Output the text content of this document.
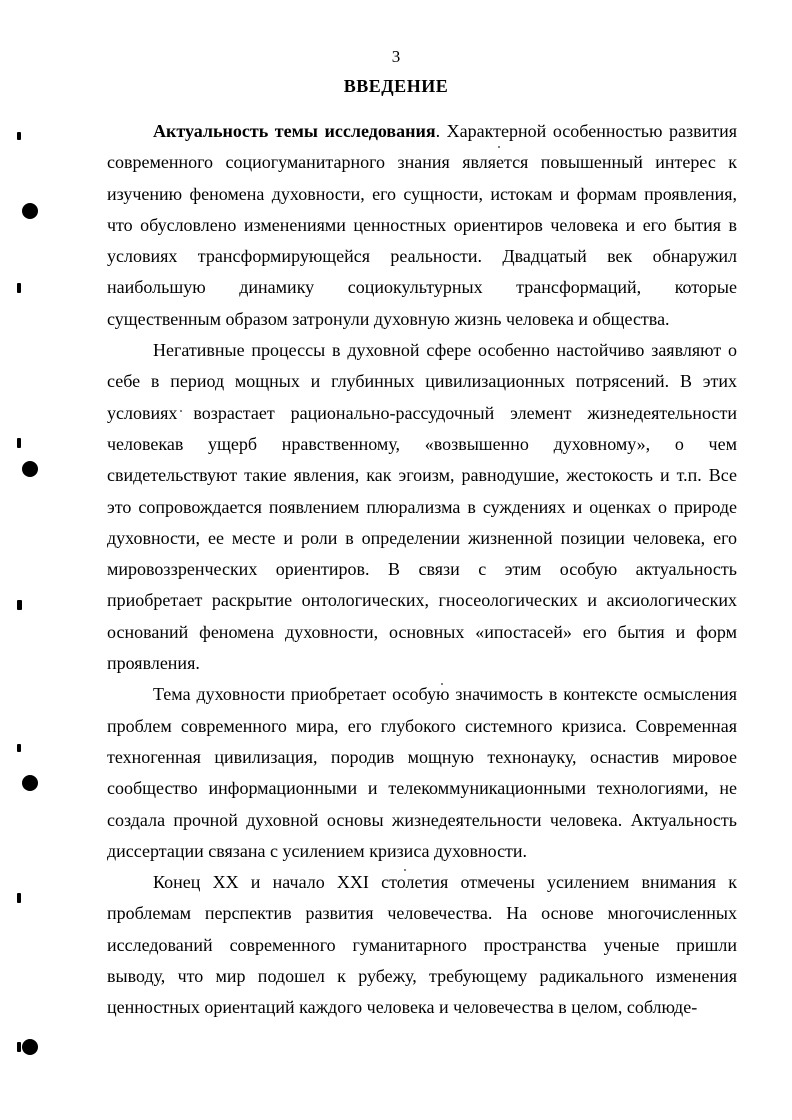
3
ВВЕДЕНИЕ

Актуальность темы исследования. Характерной особенностью развития современного социогуманитарного знания является повышенный интерес к изучению феномена духовности, его сущности, истокам и формам проявления, что обусловлено изменениями ценностных ориентиров человека и его бытия в условиях трансформирующейся реальности. Двадцатый век обнаружил наибольшую динамику социокультурных трансформаций, которые существенным образом затронули духовную жизнь человека и общества.

Негативные процессы в духовной сфере особенно настойчиво заявляют о себе в период мощных и глубинных цивилизационных потрясений. В этих условиях возрастает рационально-рассудочный элемент жизнедеятельности человекав ущерб нравственному, «возвышенно духовному», о чем свидетельствуют такие явления, как эгоизм, равнодушие, жестокость и т.п. Все это сопровождается появлением плюрализма в суждениях и оценках о природе духовности, ее месте и роли в определении жизненной позиции человека, его мировоззренческих ориентиров. В связи с этим особую актуальность приобретает раскрытие онтологических, гносеологических и аксиологических оснований феномена духовности, основных «ипостасей» его бытия и форм проявления.

Тема духовности приобретает особую значимость в контексте осмысления проблем современного мира, его глубокого системного кризиса. Современная техногенная цивилизация, породив мощную технонауку, оснастив мировое сообщество информационными и телекоммуникационными технологиями, не создала прочной духовной основы жизнедеятельности человека. Актуальность диссертации связана с усилением кризиса духовности.

Конец XX и начало XXI столетия отмечены усилением внимания к проблемам перспектив развития человечества. На основе многочисленных исследований современного гуманитарного пространства ученые пришли выводу, что мир подошел к рубежу, требующему радикального изменения ценностных ориентаций каждого человека и человечества в целом, соблюде-
